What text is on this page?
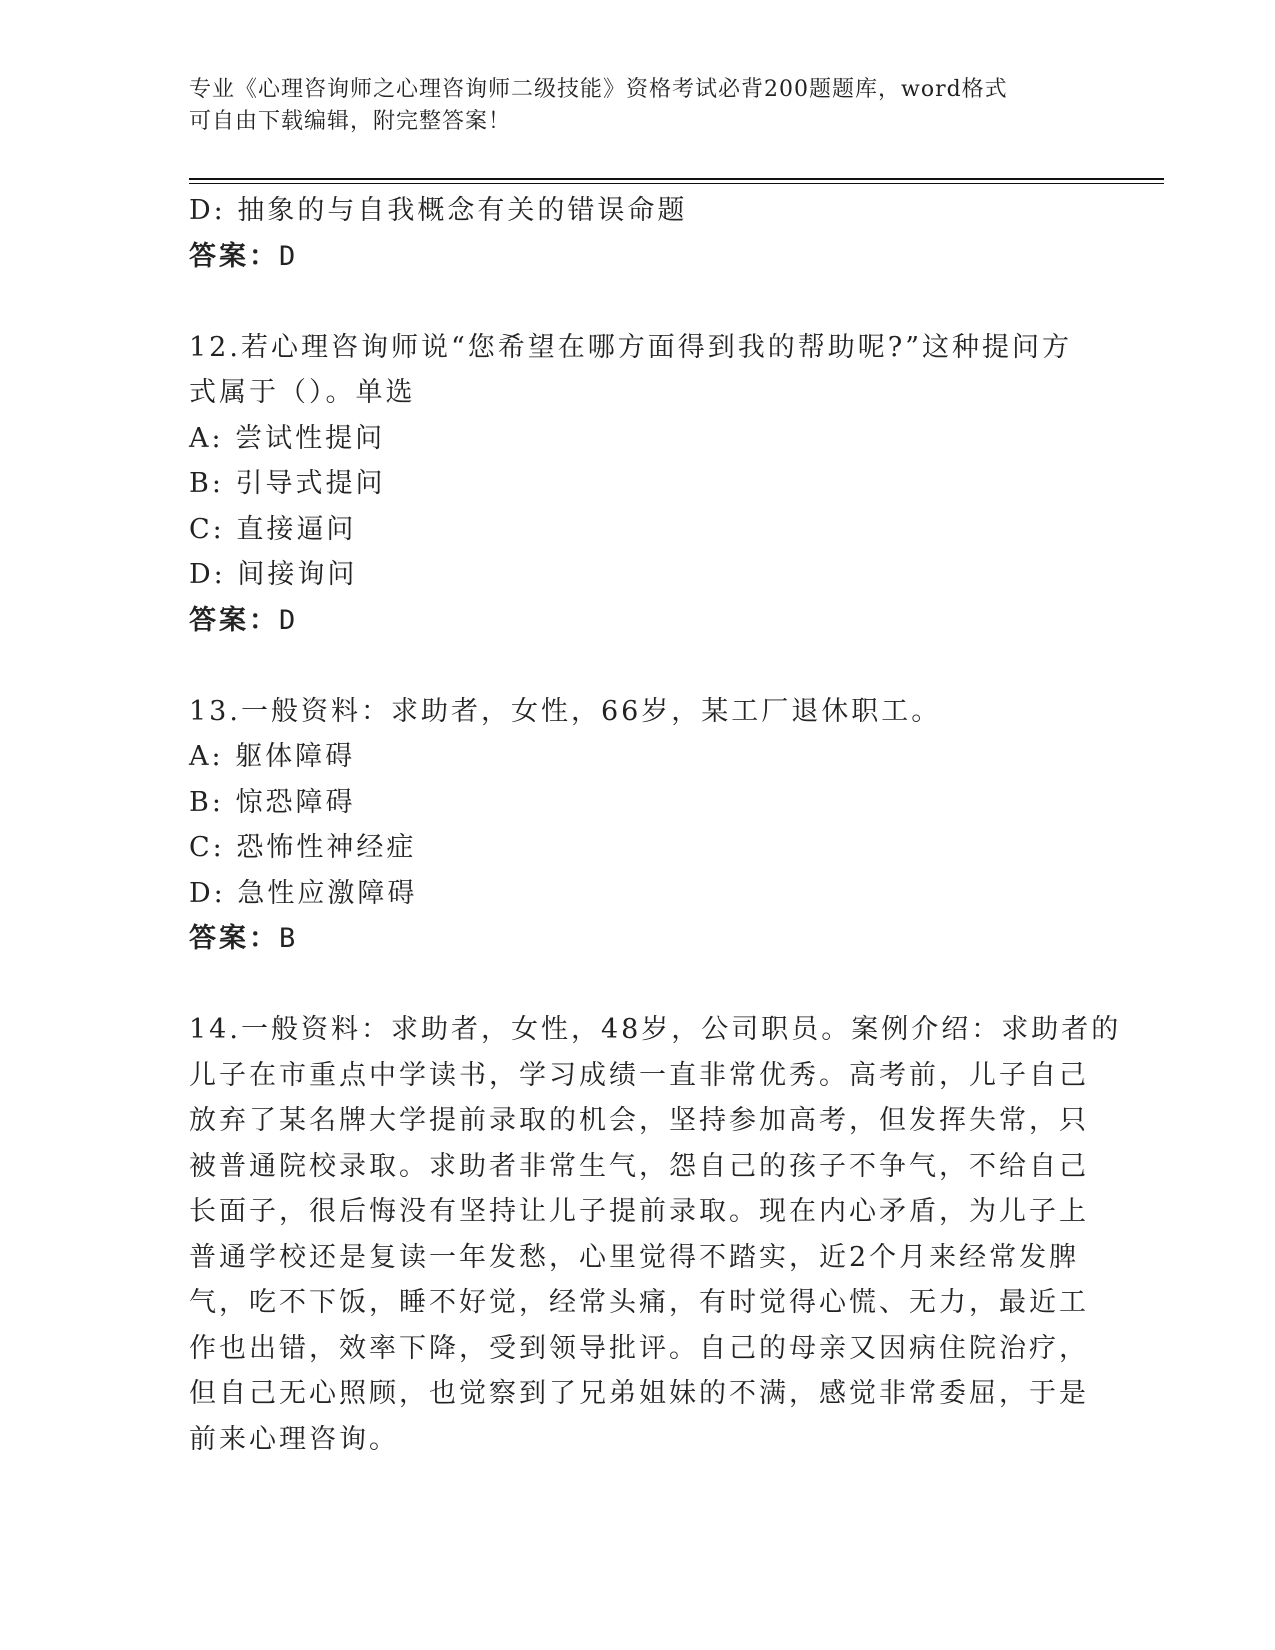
专业《心理咨询师之心理咨询师二级技能》资格考试必背200题题库，word格式
可自由下载编辑，附完整答案！
D: 抽象的与自我概念有关的错误命题
答案：D
12.若心理咨询师说“您希望在哪方面得到我的帮助呢?”这种提问方
式属于（）。单选
A: 尝试性提问
B: 引导式提问
C: 直接逼问
D: 间接询问
答案：D
13.一般资料：求助者，女性，66岁，某工厂退休职工。
A: 躯体障碍
B: 惊恐障碍
C: 恐怖性神经症
D: 急性应激障碍
答案：B
14.一般资料：求助者，女性，48岁，公司职员。案例介绍：求助者的
儿子在市重点中学读书，学习成绩一直非常优秀。高考前，儿子自己
放弃了某名牌大学提前录取的机会，坚持参加高考，但发挥失常，只
被普通院校录取。求助者非常生气，怨自己的孩子不争气，不给自己
长面子，很后悔没有坚持让儿子提前录取。现在内心矛盾，为儿子上
普通学校还是复读一年发愁，心里觉得不踏实，近2个月来经常发脾
气，吃不下饭，睡不好觉，经常头痛，有时觉得心慌、无力，最近工
作也出错，效率下降，受到领导批评。自己的母亲又因病住院治疗，
但自己无心照顾，也觉察到了兄弟姐妹的不满，感觉非常委屈，于是
前来心理咨询。
